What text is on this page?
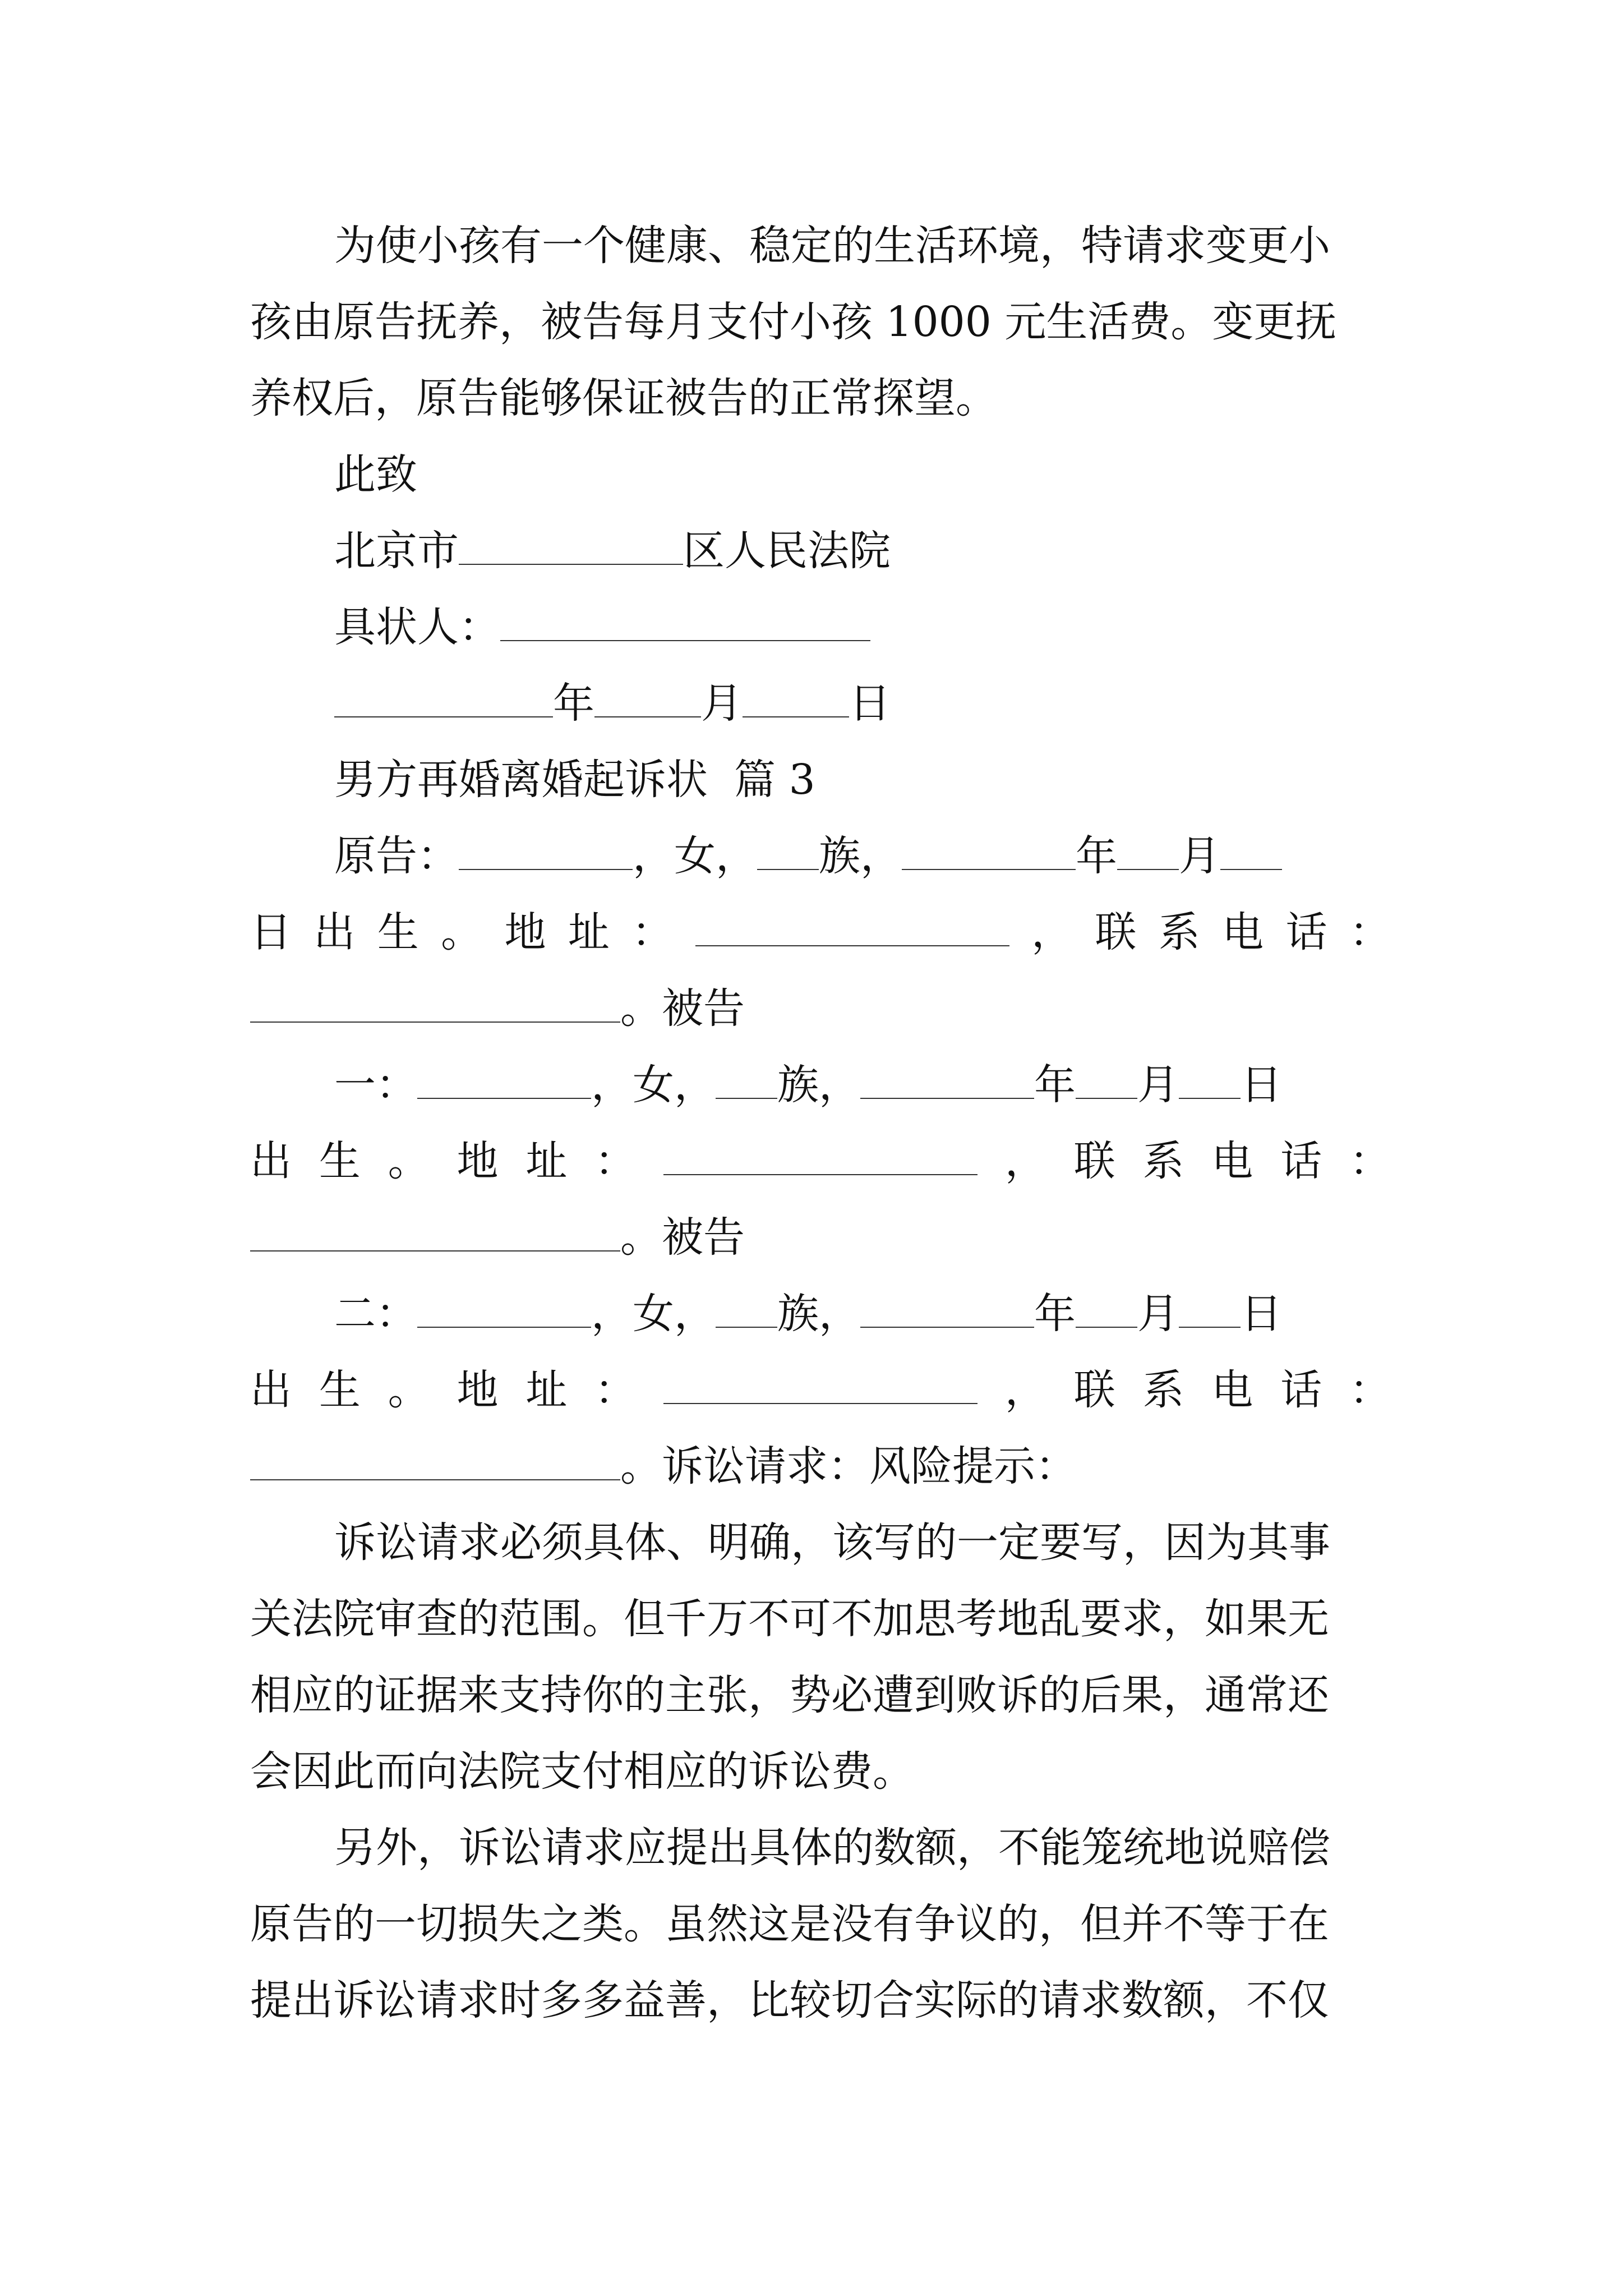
为使小孩有一个健康、稳定的生活环境，特请求变更小
孩由原告抚养，被告每月支付小孩 1000 元生活费。变更抚
养权后，原告能够保证被告的正常探望。
此致
北京市	区人民法院
具状人：
年	月	日
男方再婚离婚起诉状  篇 3
原告：	，女， 族，	年 月
日 出 生 。 地 址 ：	， 联 系 电 话 ：
。被告
一：	，女， 族，	年 月 日
出 生 。 地 址 ：	， 联 系 电 话 ：
。被告
二：	，女， 族，	年 月 日
出 生 。 地 址 ：	， 联 系 电 话 ：
。诉讼请求：风险提示：
诉讼请求必须具体、明确，该写的一定要写，因为其事
关法院审查的范围。但千万不可不加思考地乱要求，如果无
相应的证据来支持你的主张，势必遭到败诉的后果，通常还
会因此而向法院支付相应的诉讼费。
另外，诉讼请求应提出具体的数额，不能笼统地说赔偿
原告的一切损失之类。虽然这是没有争议的，但并不等于在
提出诉讼请求时多多益善，比较切合实际的请求数额，不仅
